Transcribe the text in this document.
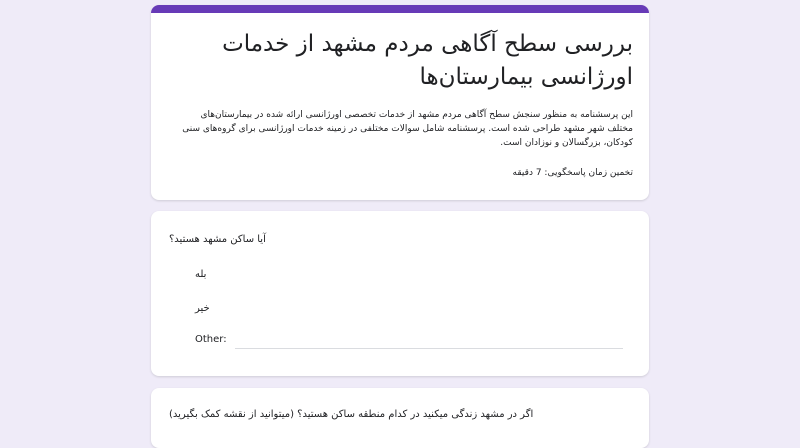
بررسی سطح آگاهی مردم مشهد از خدمات اورژانسی بیمارستان‌ها
این پرسشنامه به منظور سنجش سطح آگاهی مردم مشهد از خدمات تخصصی اورژانسی ارائه شده در بیمارستان‌های مختلف شهر مشهد طراحی شده است. پرسشنامه شامل سوالات مختلفی در زمینه خدمات اورژانسی برای گروه‌های سنی کودکان، بزرگسالان و نوزادان است.
تخمین زمان پاسخگویی: 7 دقیقه
آیا ساکن مشهد هستید؟
بله
خیر
Other:
اگر در مشهد زندگی میکنید در کدام منطقه ساکن هستید؟ (میتوانید از نقشه کمک بگیرید)
